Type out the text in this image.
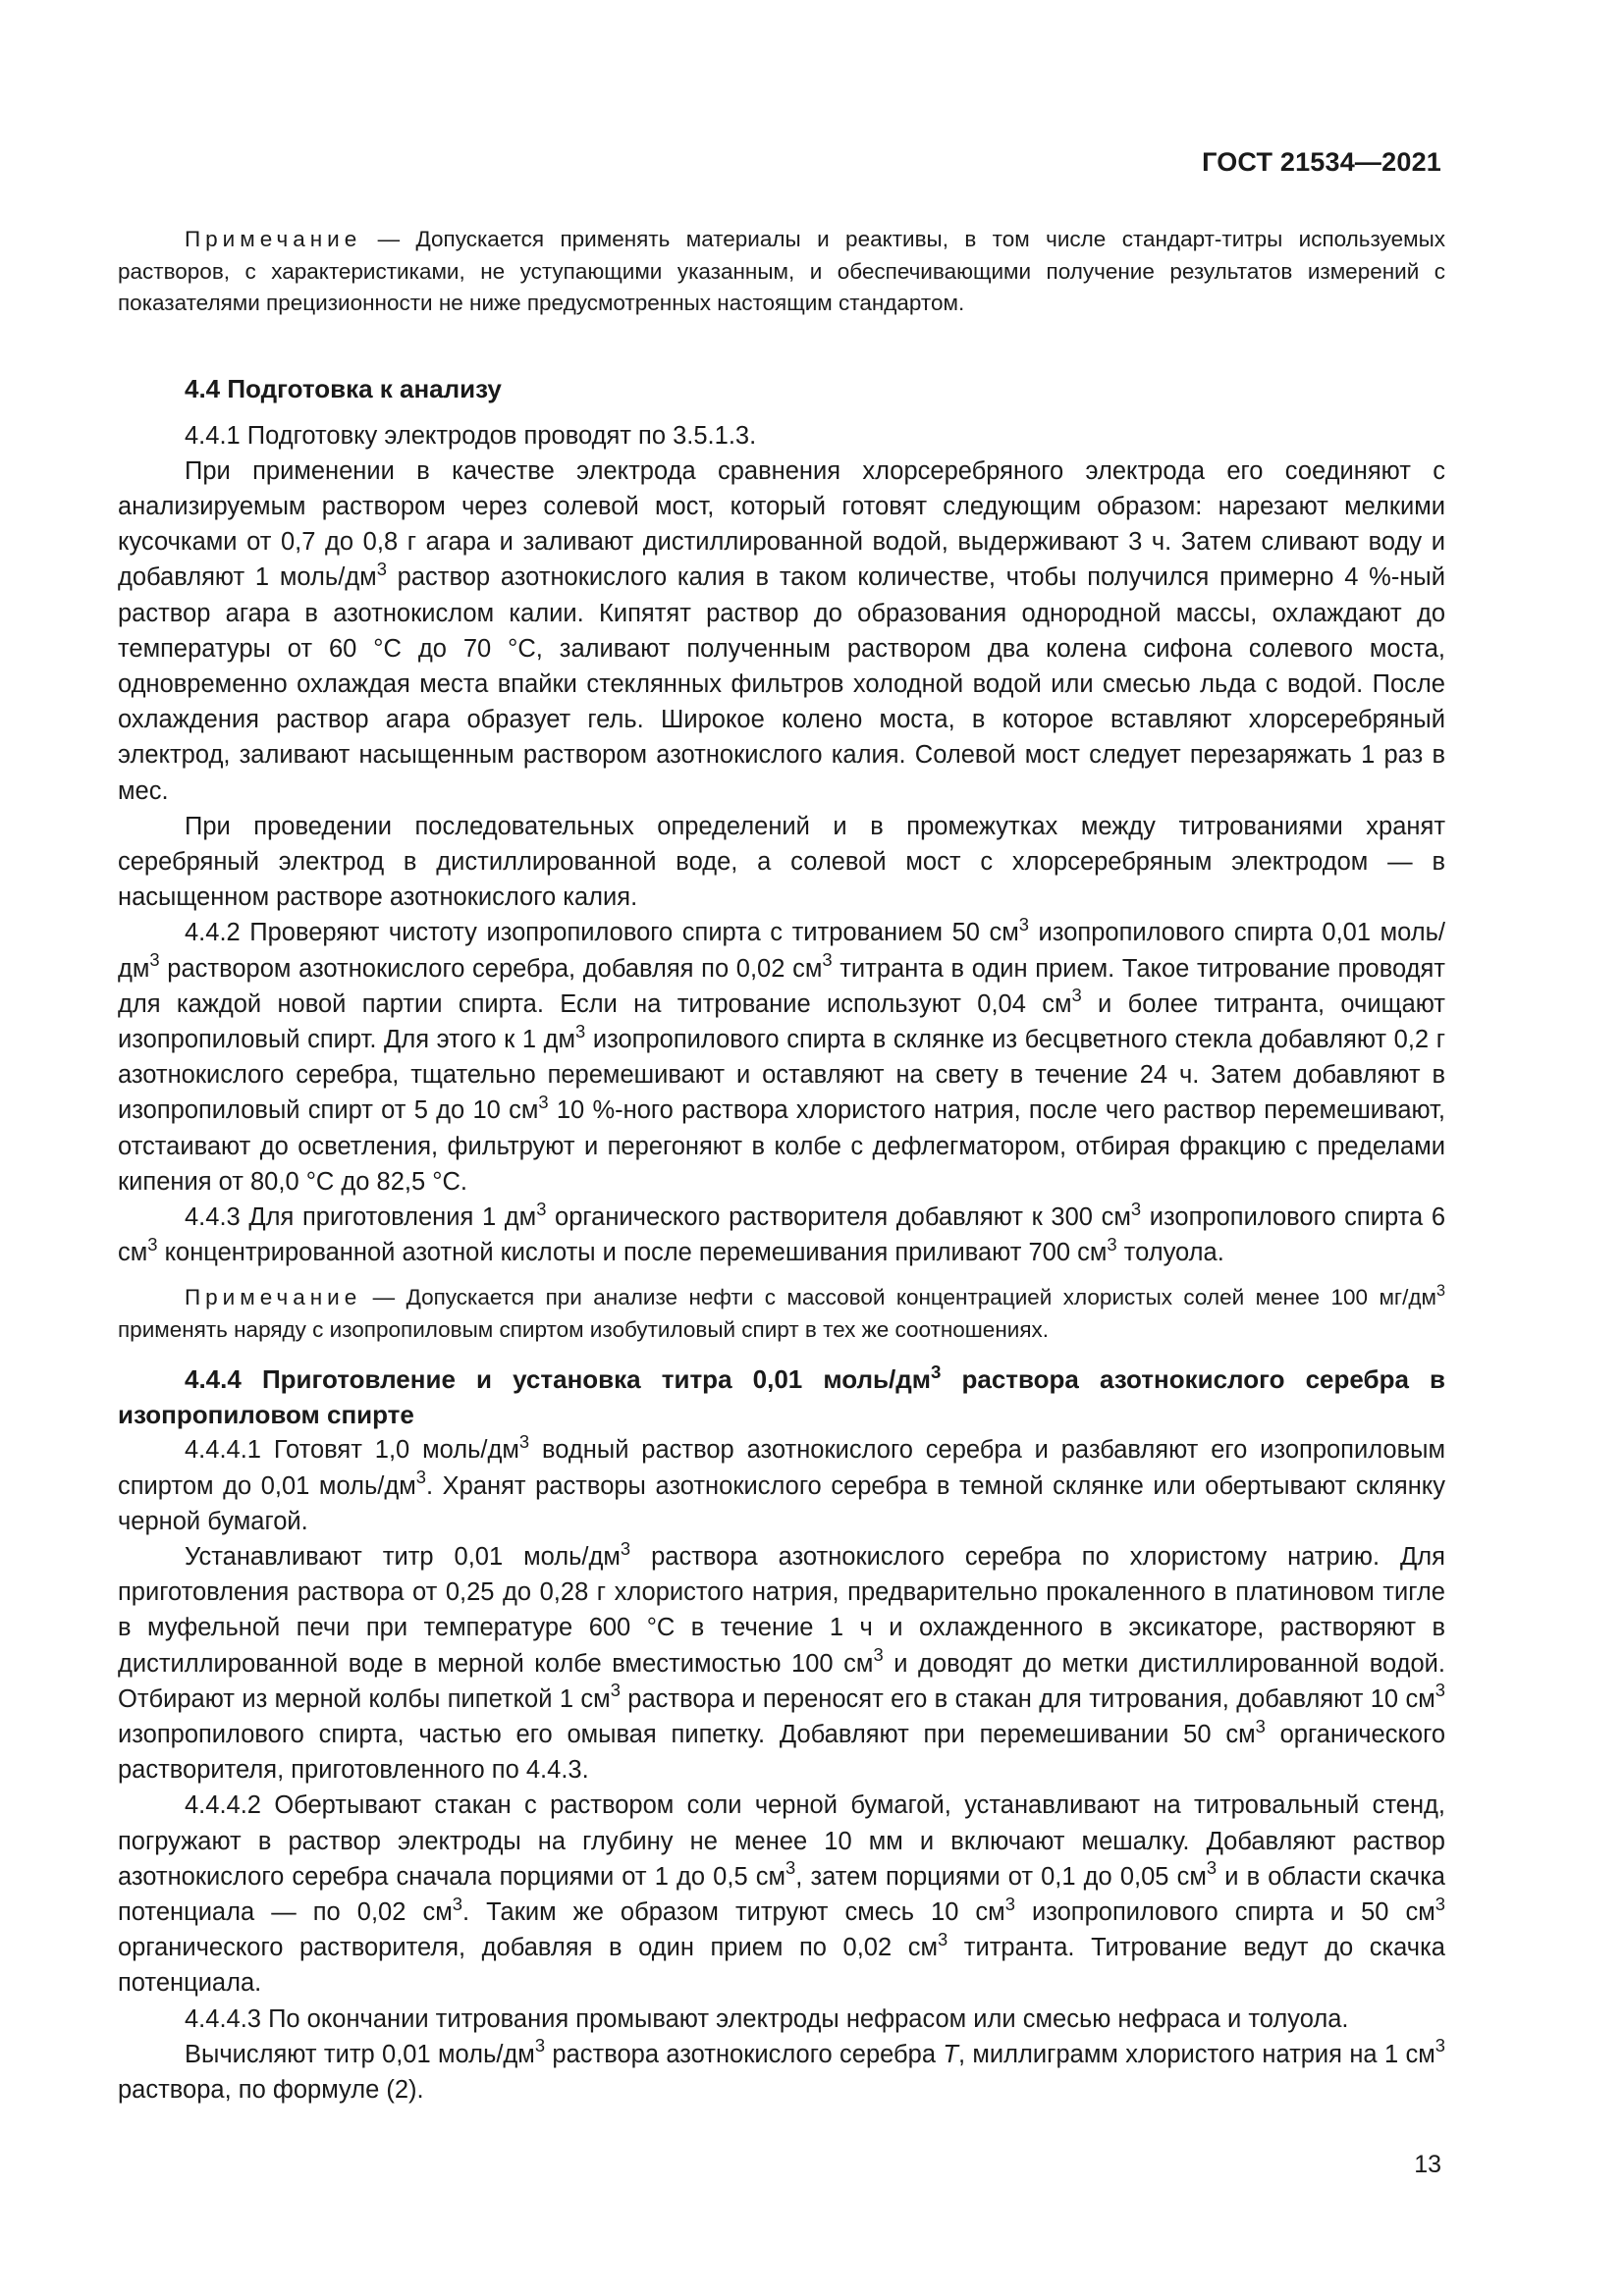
ГОСТ 21534—2021

Примечание — Допускается применять материалы и реактивы, в том числе стандарт-титры используемых растворов, с характеристиками, не уступающими указанным, и обеспечивающими получение результатов измерений с показателями прецизионности не ниже предусмотренных настоящим стандартом.

4.4 Подготовка к анализу

4.4.1 Подготовку электродов проводят по 3.5.1.3.

При применении в качестве электрода сравнения хлорсеребряного электрода его соединяют с анализируемым раствором через солевой мост, который готовят следующим образом: нарезают мелкими кусочками от 0,7 до 0,8 г агара и заливают дистиллированной водой, выдерживают 3 ч. Затем сливают воду и добавляют 1 моль/$дм^3$ раствор азотнокислого калия в таком количестве, чтобы получился примерно 4 %-ный раствор агара в азотнокислом калии. Кипятят раствор до образования однородной массы, охлаждают до температуры от 60 °С до 70 °С, заливают полученным раствором два колена сифона солевого моста, одновременно охлаждая места впайки стеклянных фильтров холодной водой или смесью льда с водой. После охлаждения раствор агара образует гель. Широкое колено моста, в которое вставляют хлорсеребряный электрод, заливают насыщенным раствором азотнокислого калия. Солевой мост следует перезаряжать 1 раз в мес.

При проведении последовательных определений и в промежутках между титрованиями хранят серебряный электрод в дистиллированной воде, а солевой мост с хлорсеребряным электродом — в насыщенном растворе азотнокислого калия.

4.4.2 Проверяют чистоту изопропилового спирта с титрованием 50 $см^3$ изопропилового спирта 0,01 моль/$дм^3$ раствором азотнокислого серебра, добавляя по 0,02 $см^3$ титранта в один прием. Такое титрование проводят для каждой новой партии спирта. Если на титрование используют 0,04 $см^3$ и более титранта, очищают изопропиловый спирт. Для этого к 1 $дм^3$ изопропилового спирта в склянке из бесцветного стекла добавляют 0,2 г азотнокислого серебра, тщательно перемешивают и оставляют на свету в течение 24 ч. Затем добавляют в изопропиловый спирт от 5 до 10 $см^3$ 10 %-ного раствора хлористого натрия, после чего раствор перемешивают, отстаивают до осветления, фильтруют и перегоняют в колбе с дефлегматором, отбирая фракцию с пределами кипения от 80,0 °С до 82,5 °С.

4.4.3 Для приготовления 1 $дм^3$ органического растворителя добавляют к 300 $см^3$ изопропилового спирта 6 $см^3$ концентрированной азотной кислоты и после перемешивания приливают 700 $см^3$ толуола.

Примечание — Допускается при анализе нефти с массовой концентрацией хлористых солей менее 100 $мг/дм^3$ применять наряду с изопропиловым спиртом изобутиловый спирт в тех же соотношениях.

4.4.4 Приготовление и установка титра 0,01 моль/$дм^3$ раствора азотнокислого серебра в изопропиловом спирте

4.4.4.1 Готовят 1,0 моль/$дм^3$ водный раствор азотнокислого серебра и разбавляют его изопропиловым спиртом до 0,01 моль/$дм^3$. Хранят растворы азотнокислого серебра в темной склянке или обертывают склянку черной бумагой.

Устанавливают титр 0,01 моль/$дм^3$ раствора азотнокислого серебра по хлористому натрию. Для приготовления раствора от 0,25 до 0,28 г хлористого натрия, предварительно прокаленного в платиновом тигле в муфельной печи при температуре 600 °С в течение 1 ч и охлажденного в эксикаторе, растворяют в дистиллированной воде в мерной колбе вместимостью 100 $см^3$ и доводят до метки дистиллированной водой. Отбирают из мерной колбы пипеткой 1 $см^3$ раствора и переносят его в стакан для титрования, добавляют 10 $см^3$ изопропилового спирта, частью его омывая пипетку. Добавляют при перемешивании 50 $см^3$ органического растворителя, приготовленного по 4.4.3.

4.4.4.2 Обертывают стакан с раствором соли черной бумагой, устанавливают на титровальный стенд, погружают в раствор электроды на глубину не менее 10 мм и включают мешалку. Добавляют раствор азотнокислого серебра сначала порциями от 1 до 0,5 $см^3$, затем порциями от 0,1 до 0,05 $см^3$ и в области скачка потенциала — по 0,02 $см^3$. Таким же образом титруют смесь 10 $см^3$ изопропилового спирта и 50 $см^3$ органического растворителя, добавляя в один прием по 0,02 $см^3$ титранта. Титрование ведут до скачка потенциала.

4.4.4.3 По окончании титрования промывают электроды нефрасом или смесью нефраса и толуола.

Вычисляют титр 0,01 моль/$дм^3$ раствора азотнокислого серебра T, миллиграмм хлористого натрия на 1 $см^3$ раствора, по формуле (2).

13
